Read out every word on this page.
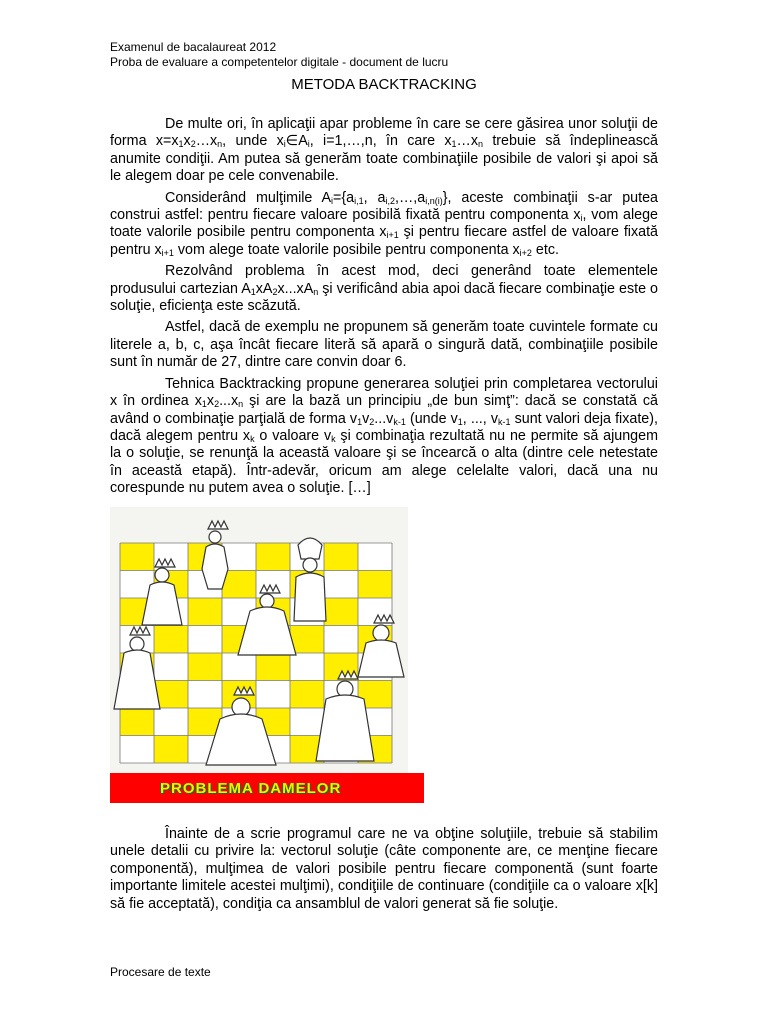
Examenul de bacalaureat 2012
Proba de evaluare a competentelor digitale - document de lucru
METODA BACKTRACKING

De multe ori, în aplicaţii apar probleme în care se cere găsirea unor soluţii de forma $x=x_1x_2\dots x_n$, unde $x_i\in A_i$, i=1,…,n, în care $x_1\dots x_n$ trebuie să îndeplinească anumite condiţii. Am putea să generăm toate combinaţiile posibile de valori şi apoi să le alegem doar pe cele convenabile.

Considerând mulţimile $A_i=\{a_{i,1}$, $a_{i,2},\dots,a_{i,n(i)}$}, aceste combinaţii s-ar putea construi astfel: pentru fiecare valoare posibilă fixată pentru componenta $x_i$, vom alege toate valorile posibile pentru componenta $x_{i+1}$ şi pentru fiecare astfel de valoare fixată pentru $x_{i+1}$ vom alege toate valorile posibile pentru componenta $x_{i+2}$ etc.

Rezolvând problema în acest mod, deci generând toate elementele produsului cartezian $A_1xA_2x...xA_n$ şi verificând abia apoi dacă fiecare combinaţie este o soluţie, eficienţa este scăzută.

Astfel, dacă de exemplu ne propunem să generăm toate cuvintele formate cu literele a, b, c, aşa încât fiecare literă să apară o singură dată, combinaţiile posibile sunt în număr de 27, dintre care convin doar 6.

Tehnica Backtracking propune generarea soluţiei prin completarea vectorului x în ordinea $x_1x_2...x_n$ şi are la bază un principiu „de bun simţ”: dacă se constată că având o combinaţie parţială de forma $v_1v_2...v_{k-1}$ (unde $v_1$, ..., $v_{k-1}$ sunt valori deja fixate), dacă alegem pentru $x_k$ o valoare $v_k$ şi combinaţia rezultată nu ne permite să ajungem la o soluţie, se renunţă la această valoare şi se încearcă o alta (dintre cele netestate în această etapă). Într-adevăr, oricum am alege celelalte valori, dacă una nu corespunde nu putem avea o soluţie. […]

PROBLEMA DAMELOR

Înainte de a scrie programul care ne va obţine soluţiile, trebuie să stabilim unele detalii cu privire la: vectorul soluţie (câte componente are, ce menţine fiecare componentă), mulţimea de valori posibile pentru fiecare componentă (sunt foarte importante limitele acestei mulţimi), condiţiile de continuare (condiţiile ca o valoare x[k] să fie acceptată), condiţia ca ansamblul de valori generat să fie soluţie.

Procesare de texte
